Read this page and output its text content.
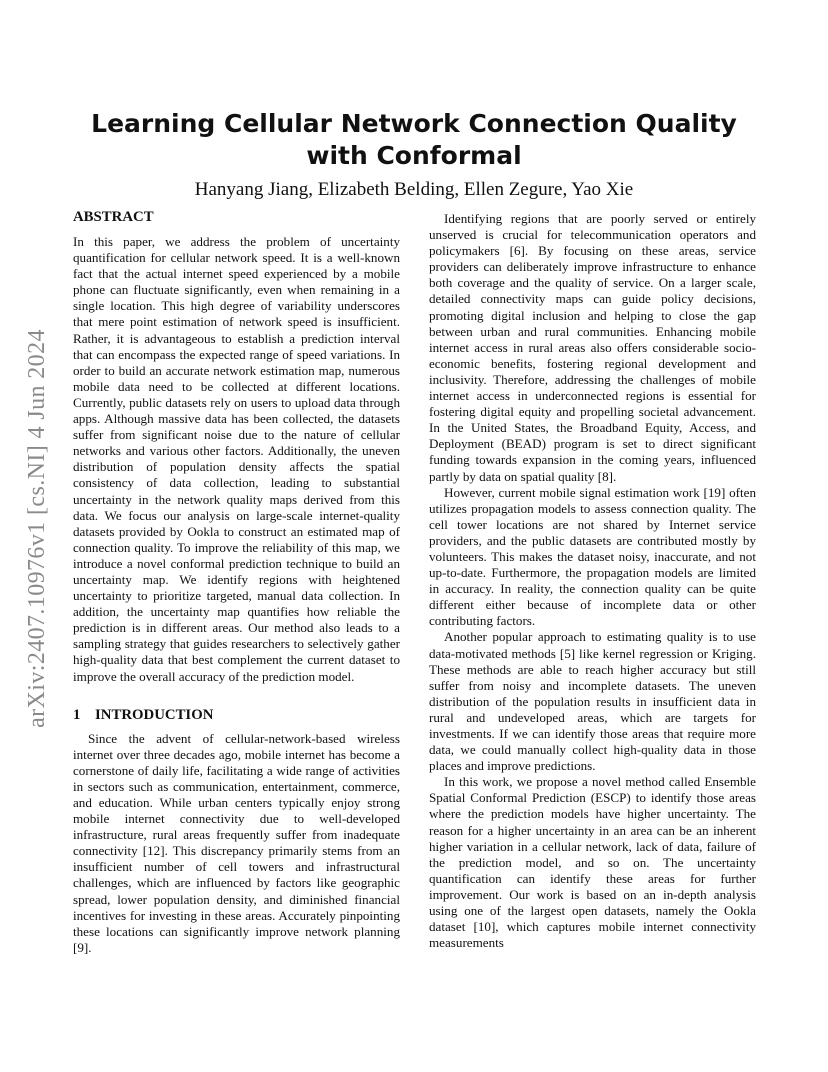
arXiv:2407.10976v1 [cs.NI] 4 Jun 2024
Learning Cellular Network Connection Quality with Conformal

Hanyang Jiang, Elizabeth Belding, Ellen Zegure, Yao Xie

ABSTRACT

In this paper, we address the problem of uncertainty quantification for cellular network speed. It is a well-known fact that the actual internet speed experienced by a mobile phone can fluctuate significantly, even when remaining in a single location. This high degree of variability underscores that mere point estimation of network speed is insufficient. Rather, it is advantageous to establish a prediction interval that can encompass the expected range of speed variations. In order to build an accurate network estimation map, numerous mobile data need to be collected at different locations. Currently, public datasets rely on users to upload data through apps. Although massive data has been collected, the datasets suffer from significant noise due to the nature of cellular networks and various other factors. Additionally, the uneven distribution of population density affects the spatial consistency of data collection, leading to substantial uncertainty in the network quality maps derived from this data. We focus our analysis on large-scale internet-quality datasets provided by Ookla to construct an estimated map of connection quality. To improve the reliability of this map, we introduce a novel conformal prediction technique to build an uncertainty map. We identify regions with heightened uncertainty to prioritize targeted, manual data collection. In addition, the uncertainty map quantifies how reliable the prediction is in different areas. Our method also leads to a sampling strategy that guides researchers to selectively gather high-quality data that best complement the current dataset to improve the overall accuracy of the prediction model.

1 INTRODUCTION

Since the advent of cellular-network-based wireless internet over three decades ago, mobile internet has become a cornerstone of daily life, facilitating a wide range of activities in sectors such as communication, entertainment, commerce, and education. While urban centers typically enjoy strong mobile internet connectivity due to well-developed infrastructure, rural areas frequently suffer from inadequate connectivity [12]. This discrepancy primarily stems from an insufficient number of cell towers and infrastructural challenges, which are influenced by factors like geographic spread, lower population density, and diminished financial incentives for investing in these areas. Accurately pinpointing these locations can significantly improve network planning [9].

Identifying regions that are poorly served or entirely unserved is crucial for telecommunication operators and policymakers [6]. By focusing on these areas, service providers can deliberately improve infrastructure to enhance both coverage and the quality of service. On a larger scale, detailed connectivity maps can guide policy decisions, promoting digital inclusion and helping to close the gap between urban and rural communities. Enhancing mobile internet access in rural areas also offers considerable socio-economic benefits, fostering regional development and inclusivity. Therefore, addressing the challenges of mobile internet access in underconnected regions is essential for fostering digital equity and propelling societal advancement. In the United States, the Broadband Equity, Access, and Deployment (BEAD) program is set to direct significant funding towards expansion in the coming years, influenced partly by data on spatial quality [8].

However, current mobile signal estimation work [19] often utilizes propagation models to assess connection quality. The cell tower locations are not shared by Internet service providers, and the public datasets are contributed mostly by volunteers. This makes the dataset noisy, inaccurate, and not up-to-date. Furthermore, the propagation models are limited in accuracy. In reality, the connection quality can be quite different either because of incomplete data or other contributing factors.

Another popular approach to estimating quality is to use data-motivated methods [5] like kernel regression or Kriging. These methods are able to reach higher accuracy but still suffer from noisy and incomplete datasets. The uneven distribution of the population results in insufficient data in rural and undeveloped areas, which are targets for investments. If we can identify those areas that require more data, we could manually collect high-quality data in those places and improve predictions.

In this work, we propose a novel method called Ensemble Spatial Conformal Prediction (ESCP) to identify those areas where the prediction models have higher uncertainty. The reason for a higher uncertainty in an area can be an inherent higher variation in a cellular network, lack of data, failure of the prediction model, and so on. The uncertainty quantification can identify these areas for further improvement. Our work is based on an in-depth analysis using one of the largest open datasets, namely the Ookla dataset [10], which captures mobile internet connectivity measurements
